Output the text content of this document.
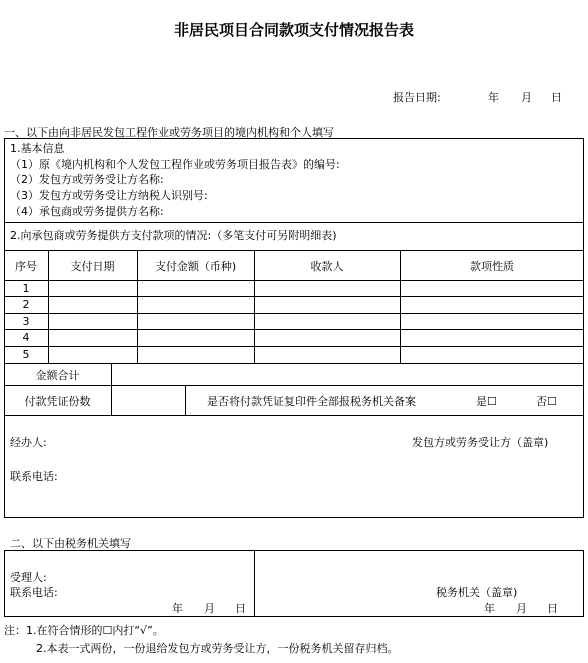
非居民项目合同款项支付情况报告表
报告日期:	年 月 日
一、以下由向非居民发包工程作业或劳务项目的境内机构和个人填写
1.基本信息
（1）原《境内机构和个人发包工程作业或劳务项目报告表》的编号:
（2）发包方或劳务受让方名称:
（3）发包方或劳务受让方纳税人识别号:
（4）承包商或劳务提供方名称:
2.向承包商或劳务提供方支付款项的情况:（多笔支付可另附明细表)
序号	支付日期	支付金额（币种)	收款人	款项性质
1
2
3
4
5
金额合计
付款凭证份数	是否将付款凭证复印件全部报税务机关备案	是☐	否☐
经办人:	发包方或劳务受让方（盖章)
联系电话:
二、以下由税务机关填写
受理人:
联系电话:
年 月 日
税务机关（盖章)
年 月 日
注：1.在符合情形的☐内打“√”。
2.本表一式两份，一份退给发包方或劳务受让方，一份税务机关留存归档。
